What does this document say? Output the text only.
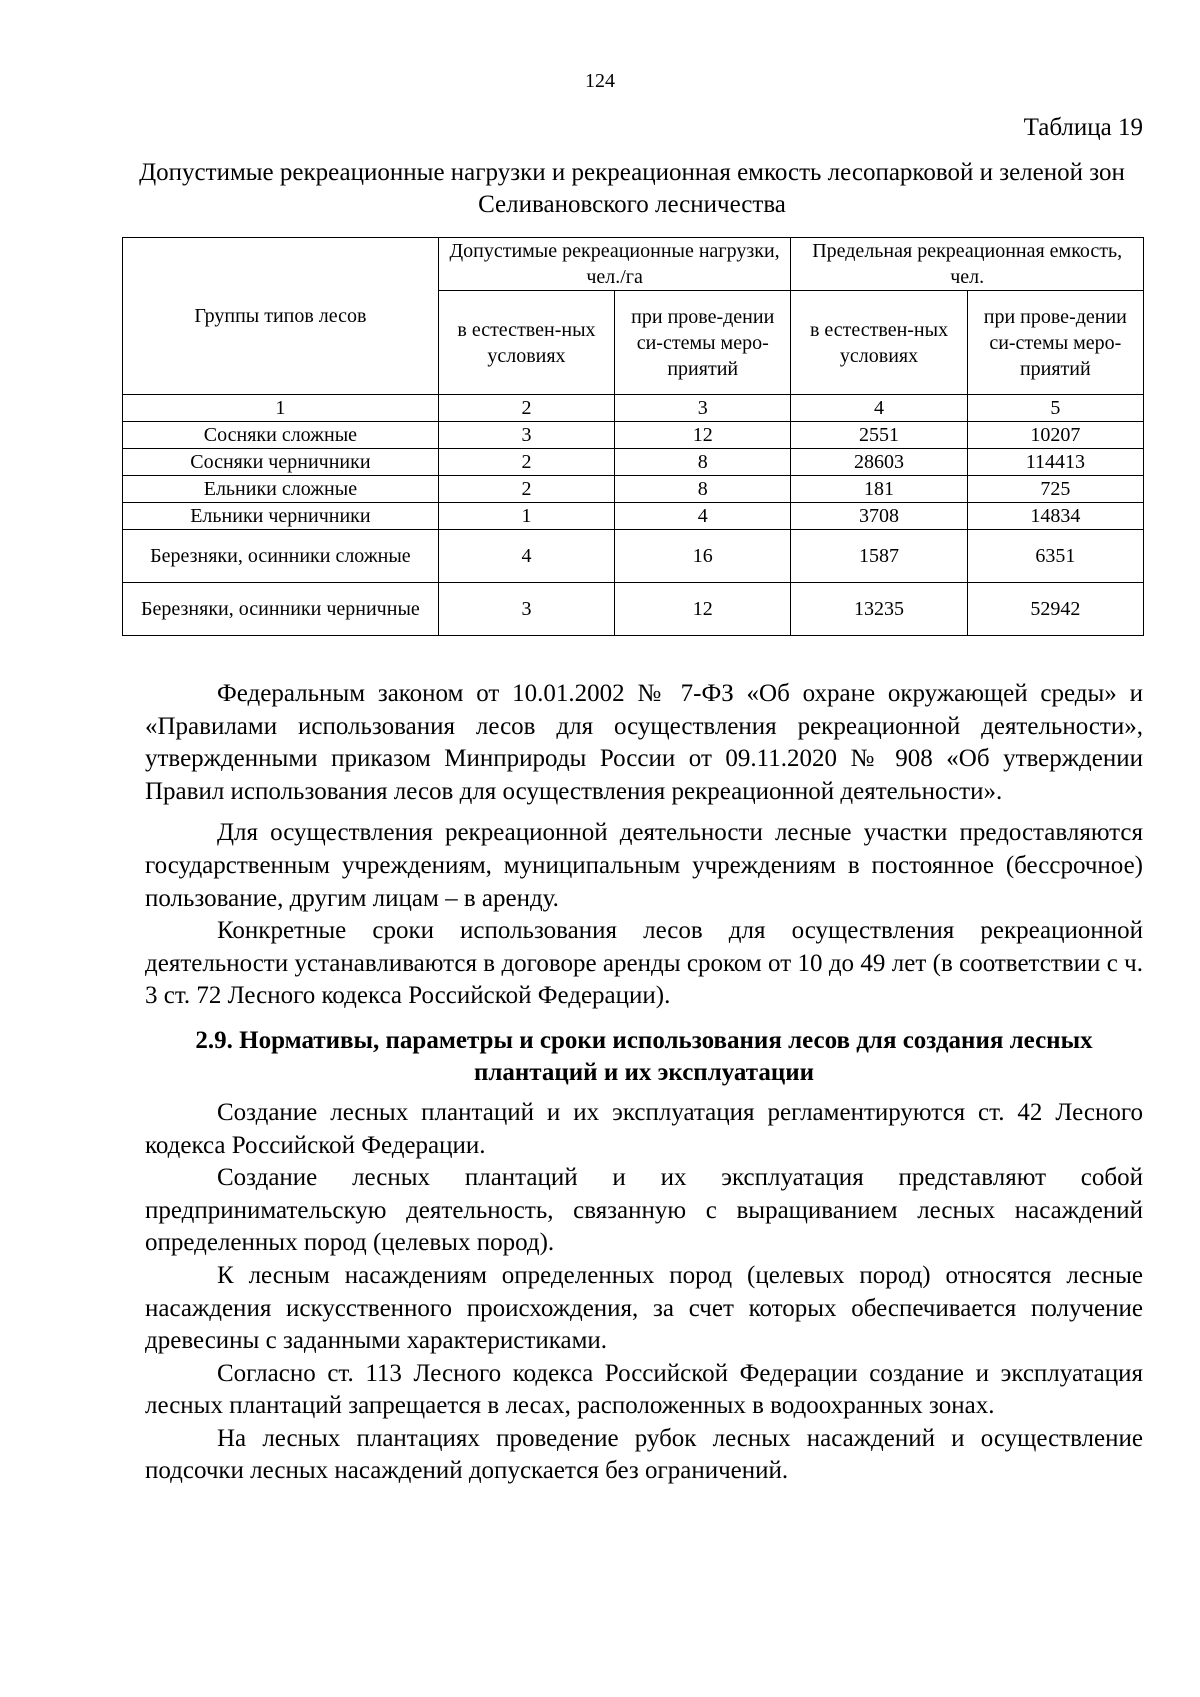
124
Таблица 19
Допустимые рекреационные нагрузки и рекреационная емкость лесопарковой и зеленой зон Селивановского лесничества
Группы типов лесов	Допустимые рекреационные нагрузки, чел./га		Предельная рекреационная емкость, чел.	
	в естествен-ных условиях	при прове-дении си-стемы меро-приятий	в естествен-ных условиях	при прове-дении си-стемы меро-приятий
1	2	3	4	5
Сосняки сложные	3	12	2551	10207
Сосняки черничники	2	8	28603	114413
Ельники сложные	2	8	181	725
Ельники черничники	1	4	3708	14834
Березняки, осинники сложные	4	16	1587	6351
Березняки, осинники черничные	3	12	13235	52942

Федеральным законом от 10.01.2002 № 7-ФЗ «Об охране окружающей среды» и «Правилами использования лесов для осуществления рекреационной деятельности», утвержденными приказом Минприроды России от 09.11.2020 № 908 «Об утверждении Правил использования лесов для осуществления рекреационной деятельности».

Для осуществления рекреационной деятельности лесные участки предоставляются государственным учреждениям, муниципальным учреждениям в постоянное (бессрочное) пользование, другим лицам – в аренду.

Конкретные сроки использования лесов для осуществления рекреационной деятельности устанавливаются в договоре аренды сроком от 10 до 49 лет (в соответствии с ч. 3 ст. 72 Лесного кодекса Российской Федерации).

2.9. Нормативы, параметры и сроки использования лесов для создания лесных плантаций и их эксплуатации

Создание лесных плантаций и их эксплуатация регламентируются ст. 42 Лесного кодекса Российской Федерации.

Создание лесных плантаций и их эксплуатация представляют собой предпринимательскую деятельность, связанную с выращиванием лесных насаждений определенных пород (целевых пород).

К лесным насаждениям определенных пород (целевых пород) относятся лесные насаждения искусственного происхождения, за счет которых обеспечивается получение древесины с заданными характеристиками.

Согласно ст. 113 Лесного кодекса Российской Федерации создание и эксплуатация лесных плантаций запрещается в лесах, расположенных в водоохранных зонах.

На лесных плантациях проведение рубок лесных насаждений и осуществление подсочки лесных насаждений допускается без ограничений.
